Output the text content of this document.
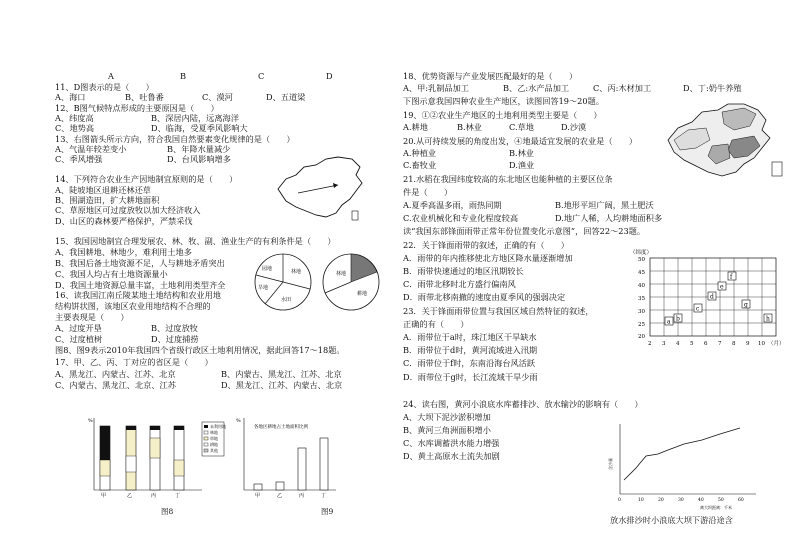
A	B	C	D
11、D图表示的是（　　）
A、海口	B、吐鲁番	C、漠河	D、五道梁
12、B图气候特点形成的主要原因是（　　）
A、纬度高	B、深居内陆，远离海洋
C、地势高	D、临海，受夏季风影响大
13、右图箭头所示方向，符合我国自然要素变化规律的是（　　）
A、气温年较差变小	B、年降水量减少
C、季风增强	D、台风影响增多
14、下列符合农业生产因地制宜原则的是（　　）
A、陡坡地区退耕还林还草
B、围湖造田，扩大耕地面积
C、草原地区可过度放牧以加大经济收入
D、山区的森林要严格保护，严禁采伐
15、我国因地制宜合理发展农、林、牧、副、渔业生产的有利条件是（　　）
A、我国耕地、林地少，难利用土地多
B、我国后备土地资源不足，人与耕地矛盾突出
C、我国人均占有土地资源量小
D、我国土地资源总量丰富，土地利用类型齐全
园地	林地
旱地
水田
林地
耕地
16、读我国江南丘陵某地土地结构和农业用地
结构饼状图，该地区农业用地结构不合理的
主要表现是（　　）
A、过度开垦	B、过度放牧
C、过度植树	D、过度捕捞
图8、图9表示2010年我国四个省级行政区土地利用情况，据此回答17～18题。
17、甲、乙、丙、丁对应的省区是（　　）
A、黑龙江、内蒙古、江苏、北京	B、内蒙古、黑龙江、江苏、北京
C、内蒙古、黑龙江、北京、江苏	D、黑龙江、江苏、内蒙古、北京
%
甲	乙	丙	丁
未利用地
林地
草地
耕地
其他
图8
%
各地区耕地占土地面积比例
甲	乙	丙	丁
图9
18、优势资源与产业发展匹配最好的是（　　）
A、甲:乳制品加工	B、乙:水产品加工	C、丙:木材加工	D、丁:奶牛养殖
下图示意我国四种农业生产地区，读图回答19～20题。
19、①②农业生产地区的土地利用类型主要是（　　）
A.耕地	B.林业	C.草地	D.沙漠
20.从可持续发展的角度出发，④地最适宜发展的农业是（　　）
A.种植业	B.林业
C.畜牧业	D.渔业
21.水稻在我国纬度较高的东北地区也能种植的主要区位条
件是（　　）
A.夏季高温多雨，雨热同期	B.地形平坦广阔，黑土肥沃
C.农业机械化和专业化程度较高	D.地广人稀，人均耕地面积多
读“我国东部锋面雨带正常年份位置变化示意图”，回答22～23题。
22．关于锋面雨带的叙述，正确的有（　　）
A．雨带的年内推移使北方地区降水量逐渐增加
B．雨带快速通过的地区汛期较长
C．雨带北移时北方盛行偏南风
D．雨带北移南撤的速度由夏季风的强弱决定
（纬度）
50
45
40
35
30
25
20
2 3 4 5 6 7 8 9 10 （月）
a b
c
d
e
f
g
h
23．关于锋面雨带位置与我国区域自然特征的叙述，
正确的有（　　）
A．雨带位于a时，珠江地区干旱缺水
B．雨带位于d时，黄河流域进入汛期
C．雨带位于f时，东南沿海台风活跃
D．雨带位于g时，长江流域干旱少雨
24、读右图，黄河小浪底水库蓄排沙、放水输沙的影响有（　　）
A、大坝下泥沙淤积增加
B、黄河三角洲面积增小
C、水库调蓄洪水能力增强
D、黄土高原水土流失加剧
含沙量
0	10	20	30	40	50	60
离大坝距离：千米
放水排沙时小浪底大坝下游沿途含
